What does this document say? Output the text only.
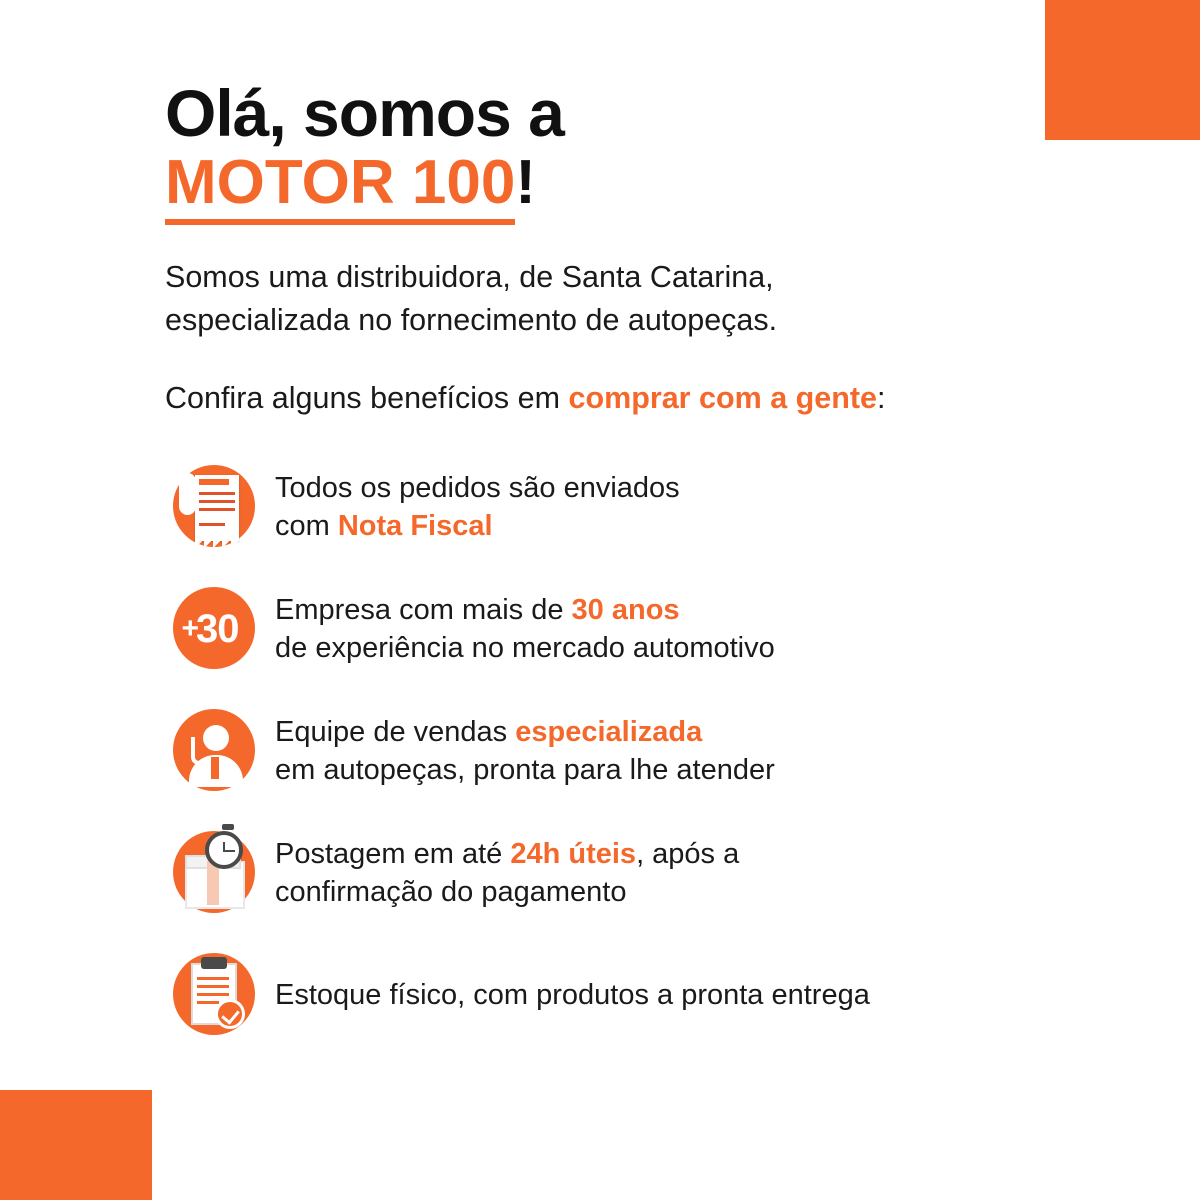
Olá, somos a
MOTOR 100!

Somos uma distribuidora, de Santa Catarina,
especializada no fornecimento de autopeças.

Confira alguns benefícios em comprar com a gente:

Todos os pedidos são enviados
com Nota Fiscal
+
30	Empresa com mais de 30 anos
de experiência no mercado automotivo
Equipe de vendas especializada
em autopeças, pronta para lhe atender
Postagem em até 24h úteis, após a
confirmação do pagamento
Estoque físico, com produtos a pronta entrega
